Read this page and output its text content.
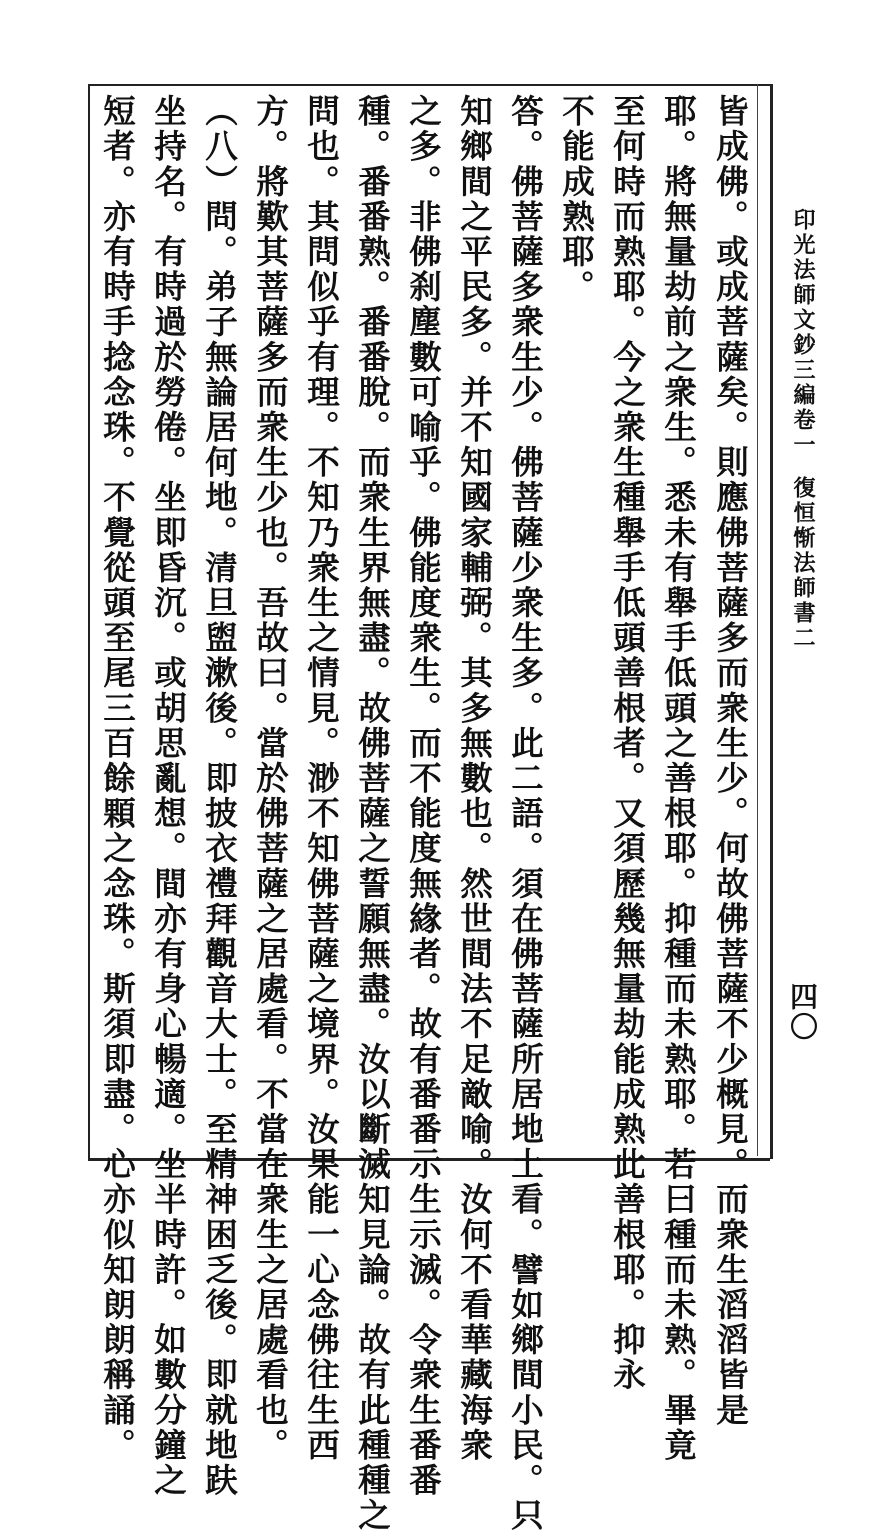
印光法師文鈔三編卷一
復恒惭法師書二
四〇
皆成佛。或成菩薩矣。則應佛菩薩多而衆生少。何故佛菩薩不少概見。而衆生滔滔皆是
耶。將無量劫前之衆生。悉未有舉手低頭之善根耶。抑種而未熟耶。若曰種而未熟。畢竟
至何時而熟耶。今之衆生種舉手低頭善根者。又須歷幾無量劫能成熟此善根耶。抑永
不能成熟耶。
答。佛菩薩多衆生少。佛菩薩少衆生多。此二語。須在佛菩薩所居地土看。譬如鄉間小民。只
知鄉間之平民多。并不知國家輔弼。其多無數也。然世間法不足敵喻。汝何不看華藏海衆
之多。非佛刹塵數可喻乎。佛能度衆生。而不能度無緣者。故有番番示生示滅。令衆生番番
種。番番熟。番番脫。而衆生界無盡。故佛菩薩之誓願無盡。汝以斷滅知見論。故有此種種之
問也。其問似乎有理。不知乃衆生之情見。渺不知佛菩薩之境界。汝果能一心念佛往生西
方。將歎其菩薩多而衆生少也。吾故曰。當於佛菩薩之居處看。不當在衆生之居處看也。
（八）問。弟子無論居何地。清旦盥漱後。即披衣禮拜觀音大士。至精神困乏後。即就地趺
坐持名。有時過於勞倦。坐即昏沉。或胡思亂想。間亦有身心暢適。坐半時許。如數分鐘之
短者。亦有時手捻念珠。不覺從頭至尾三百餘顆之念珠。斯須即盡。心亦似知朗朗稱誦。
